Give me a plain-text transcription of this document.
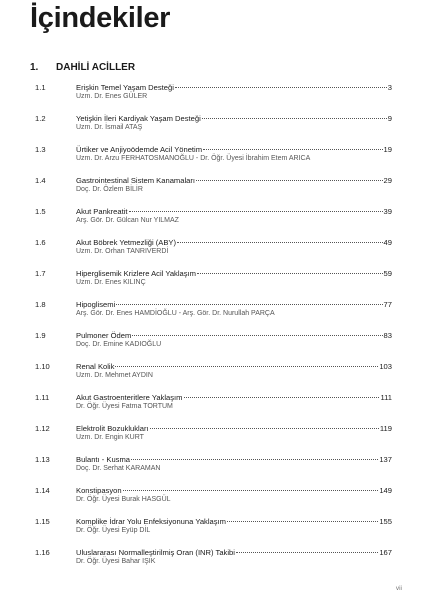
İçindekiler
1.	DAHİLİ ACİLLER
1.1	Erişkin Temel Yaşam Desteği	3
Uzm. Dr. Enes GÜLER
1.2	Yetişkin İleri Kardiyak Yaşam Desteği	9
Uzm. Dr. İsmail ATAŞ
1.3	Ürtiker ve Anjiyoödemde Acil Yönetim	19
Uzm. Dr. Arzu FERHATOSMANOĞLU - Dr. Öğr. Üyesi İbrahim Etem ARICA
1.4	Gastrointestinal Sistem Kanamaları	29
Doç. Dr. Özlem BİLİR
1.5	Akut Pankreatit	39
Arş. Gör. Dr. Gülcan Nur YILMAZ
1.6	Akut Böbrek Yetmezliği (ABY)	49
Uzm. Dr. Orhan TANRIVERDİ
1.7	Hiperglisemik Krizlere Acil Yaklaşım	59
Uzm. Dr. Enes KILINÇ
1.8	Hipoglisemi	77
Arş. Gör. Dr. Enes HAMDİOĞLU - Arş. Gör. Dr. Nurullah PARÇA
1.9	Pulmoner Ödem	83
Doç. Dr. Emine KADIOĞLU
1.10	Renal Kolik	103
Uzm. Dr. Mehmet AYDIN
1.11	Akut Gastroenteritlere Yaklaşım	111
Dr. Öğr. Üyesi Fatma TORTUM
1.12	Elektrolit Bozuklukları	119
Uzm. Dr. Engin KURT
1.13	Bulantı - Kusma	137
Doç. Dr. Serhat KARAMAN
1.14	Konstipasyon	149
Dr. Öğr. Üyesi Burak HASGÜL
1.15	Komplike İdrar Yolu Enfeksiyonuna Yaklaşım	155
Dr. Öğr. Üyesi Eyüp DİL
1.16	Uluslararası Normalleştirilmiş Oran (INR) Takibi	167
Dr. Öğr. Üyesi Bahar IŞIK
vii
